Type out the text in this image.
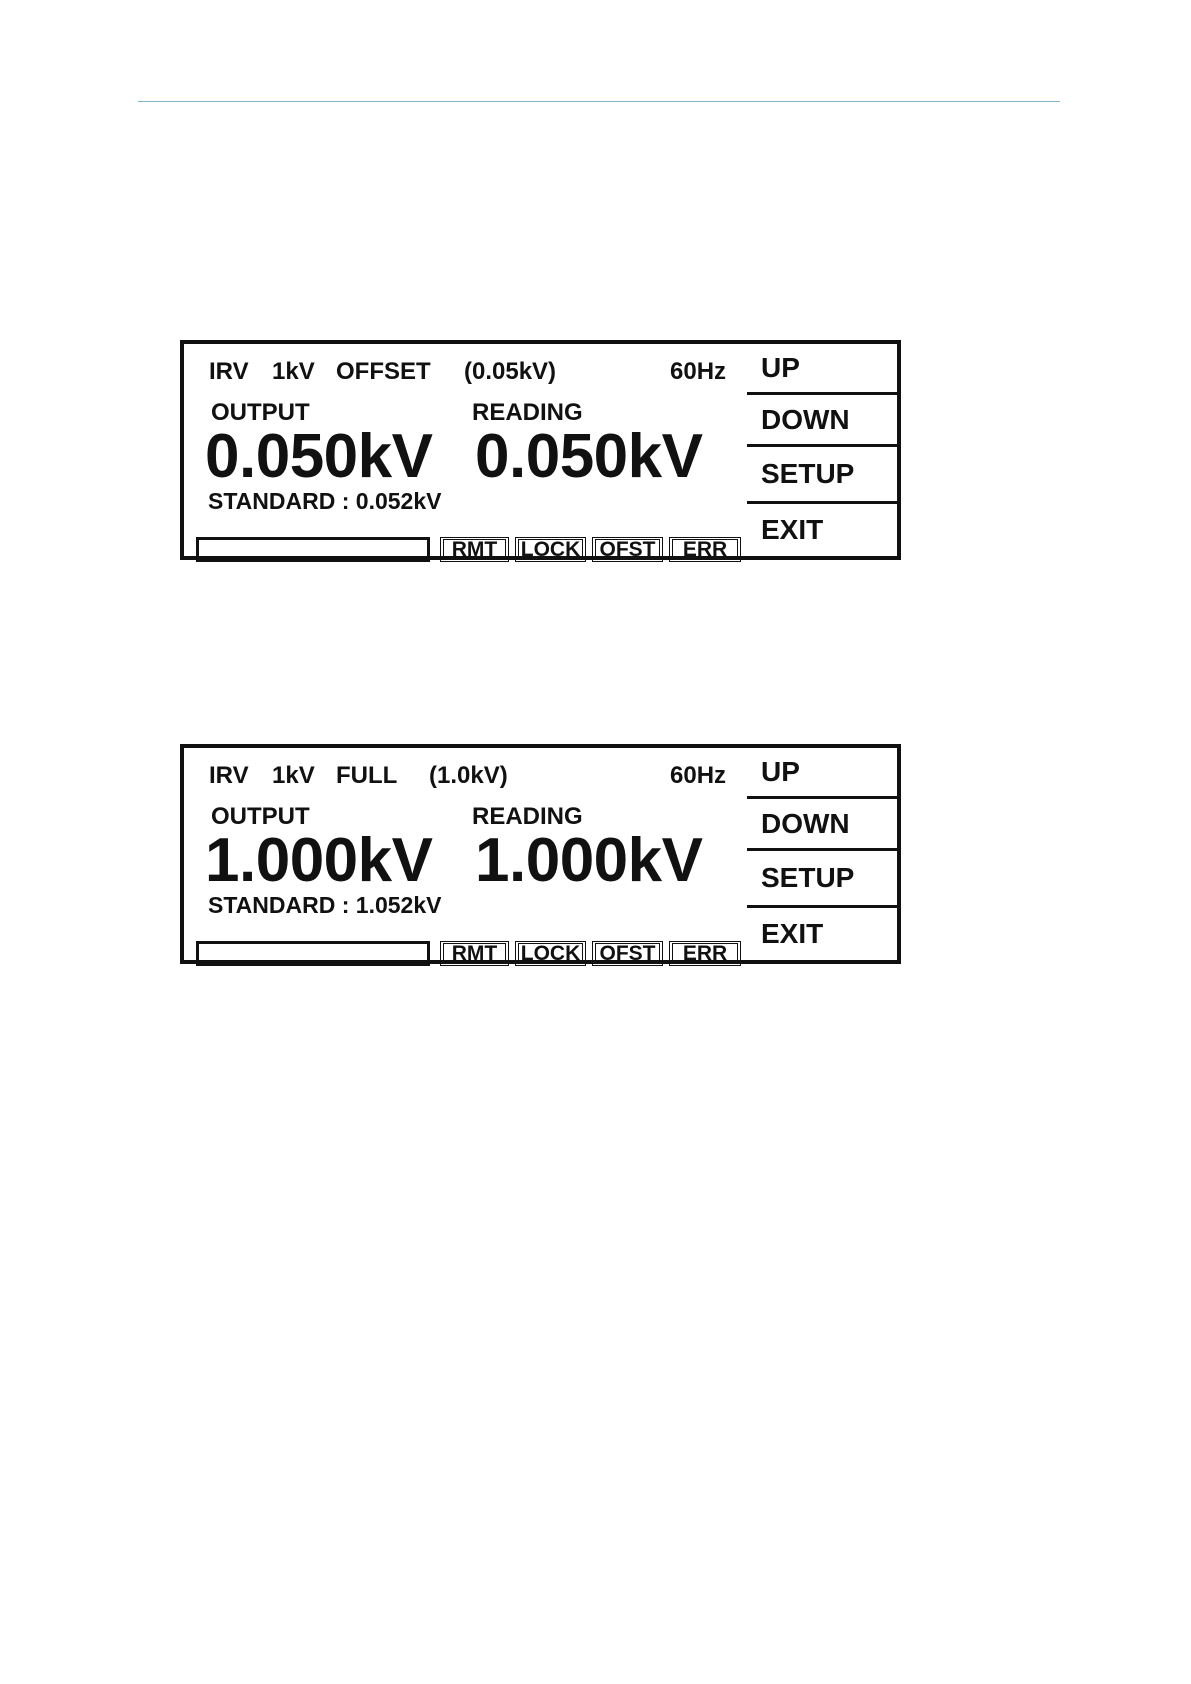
IRV 1kV OFFSET (0.05kV)	60Hz
OUTPUT	READING
0.050kV 0.050kV
STANDARD : 0.052kV
RMT	LOCK OFST	ERR
UP
DOWN
SETUP
EXIT
IRV 1kV FULL (1.0kV)	60Hz
OUTPUT	READING
1.000kV 1.000kV
STANDARD : 1.052kV
RMT	LOCK OFST	ERR
UP
DOWN
SETUP
EXIT
